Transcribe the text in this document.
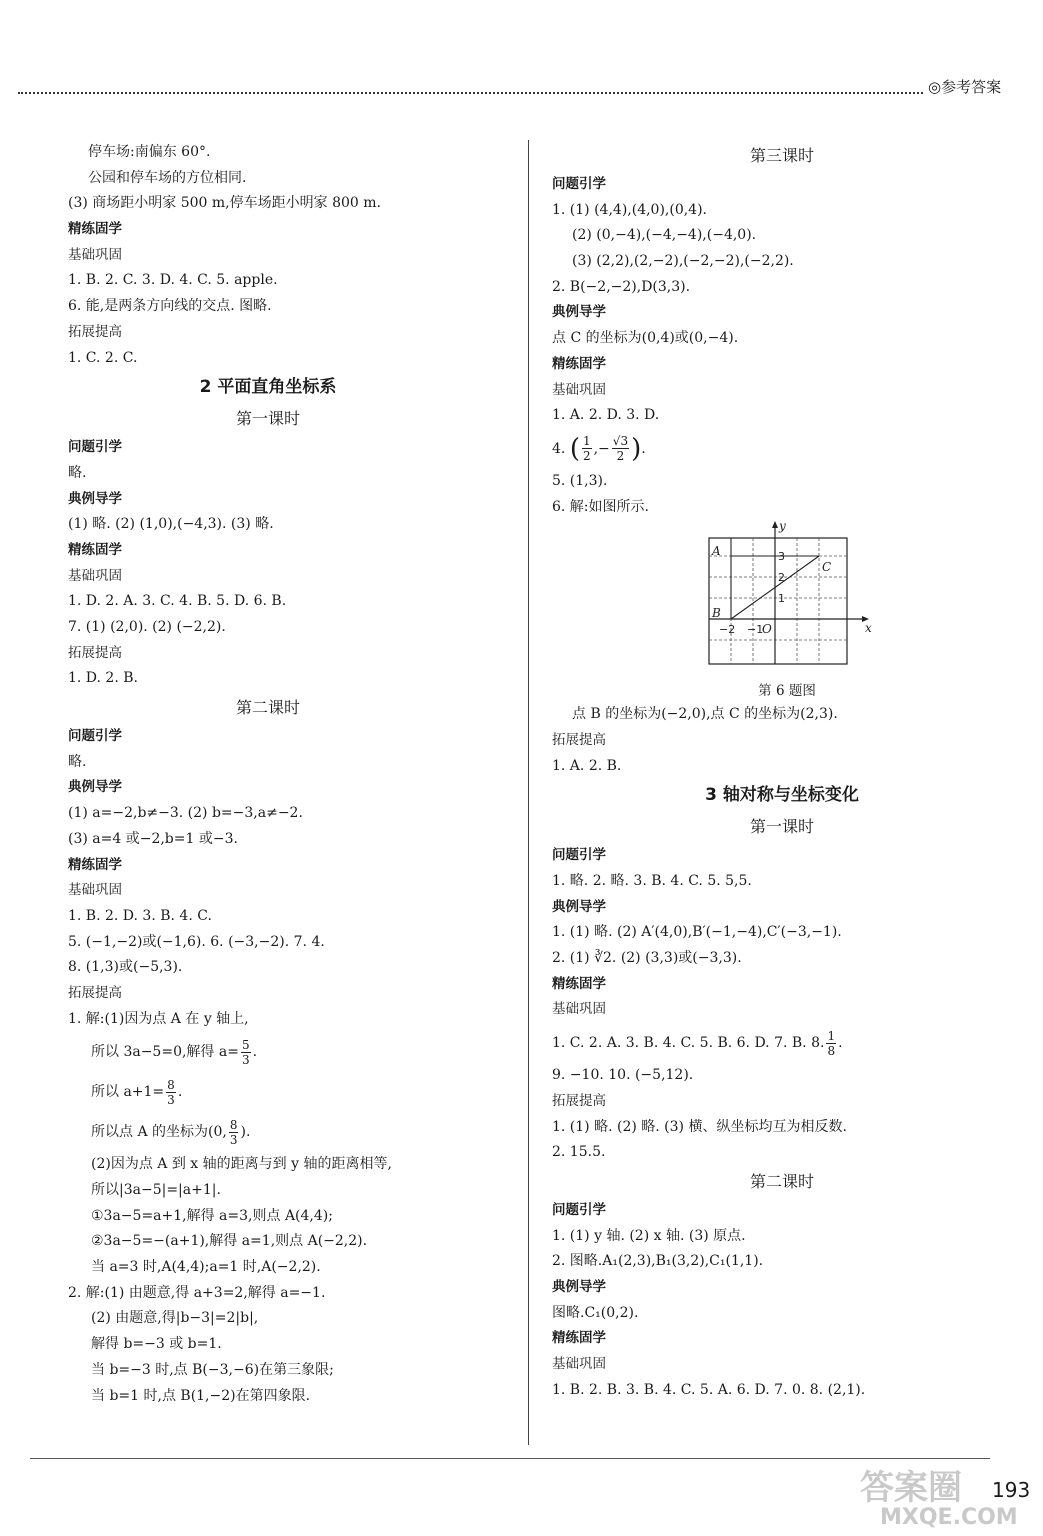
◎参考答案
停车场:南偏东 60°.
公园和停车场的方位相同.
(3) 商场距小明家 500 m,停车场距小明家 800 m.
精练固学
基础巩固
1. B. 2. C. 3. D. 4. C. 5. apple.
6. 能,是两条方向线的交点. 图略.
拓展提高
1. C. 2. C.
2 平面直角坐标系
第一课时
问题引学
略.
典例导学
(1) 略. (2) (1,0),(−4,3). (3) 略.
精练固学
基础巩固
1. D. 2. A. 3. C. 4. B. 5. D. 6. B.
7. (1) (2,0). (2) (−2,2).
拓展提高
1. D. 2. B.
第二课时
问题引学
略.
典例导学
(1) a=−2,b≠−3. (2) b=−3,a≠−2.
(3) a=4 或−2,b=1 或−3.
精练固学
基础巩固
1. B. 2. D. 3. B. 4. C.
5. (−1,−2)或(−1,6). 6. (−3,−2). 7. 4.
8. (1,3)或(−5,3).
拓展提高
1. 解:(1)因为点 A 在 y 轴上,
所以 3a−5=0,解得 $a= \frac{5}{3}$ .
所以 $a+1= \frac{8}{3}$ .
所以点 A 的坐标为(0, $\frac{8}{3}$ ).
(2)因为点 A 到 x 轴的距离与到 y 轴的距离相等,
所以|3a−5|=|a+1|.
①3a−5=a+1,解得 a=3,则点 A(4,4);
②3a−5=−(a+1),解得 a=1,则点 A(−2,2).
当 a=3 时,A(4,4);a=1 时,A(−2,2).
2. 解:(1) 由题意,得 a+3=2,解得 a=−1.
(2) 由题意,得|b−3|=2|b|,
解得 b=−3 或 b=1.
当 b=−3 时,点 B(−3,−6)在第三象限;
当 b=1 时,点 B(1,−2)在第四象限.
第三课时
问题引学
1. (1) (4,4),(4,0),(0,4).
(2) (0,−4),(−4,−4),(−4,0).
(3) (2,2),(2,−2),(−2,−2),(−2,2).
2. B(−2,−2),D(3,3).
典例导学
点 C 的坐标为(0,4)或(0,−4).
精练固学
基础巩固
1. A. 2. D. 3. D.
4. ( $\frac{1}{2}$ ,− $\frac{√3}{2}$ ).
5. (1,3).
6. 解:如图所示.
y
x
A
B
C
O
3
2
1
−2 −1
第 6 题图
点 B 的坐标为(−2,0),点 C 的坐标为(2,3).
拓展提高
1. A. 2. B.
3 轴对称与坐标变化
第一课时
问题引学
1. 略. 2. 略. 3. B. 4. C. 5. 5,5.
典例导学
1. (1) 略. (2) A′(4,0),B′(−1,−4),C′(−3,−1).
2. (1) ∛2. (2) (3,3)或(−3,3).
精练固学
基础巩固
1. C. 2. A. 3. B. 4. C. 5. B. 6. D. 7. B. 8. $\frac{1}{8}$ .
9. −10. 10. (−5,12).
拓展提高
1. (1) 略. (2) 略. (3) 横、纵坐标均互为相反数.
2. 15.5.
第二课时
问题引学
1. (1) y 轴. (2) x 轴. (3) 原点.
2. 图略.A₁(2,3),B₁(3,2),C₁(1,1).
典例导学
图略.C₁(0,2).
精练固学
基础巩固
1. B. 2. B. 3. B. 4. C. 5. A. 6. D. 7. 0. 8. (2,1).
答案圈
MXQE.COM
193
